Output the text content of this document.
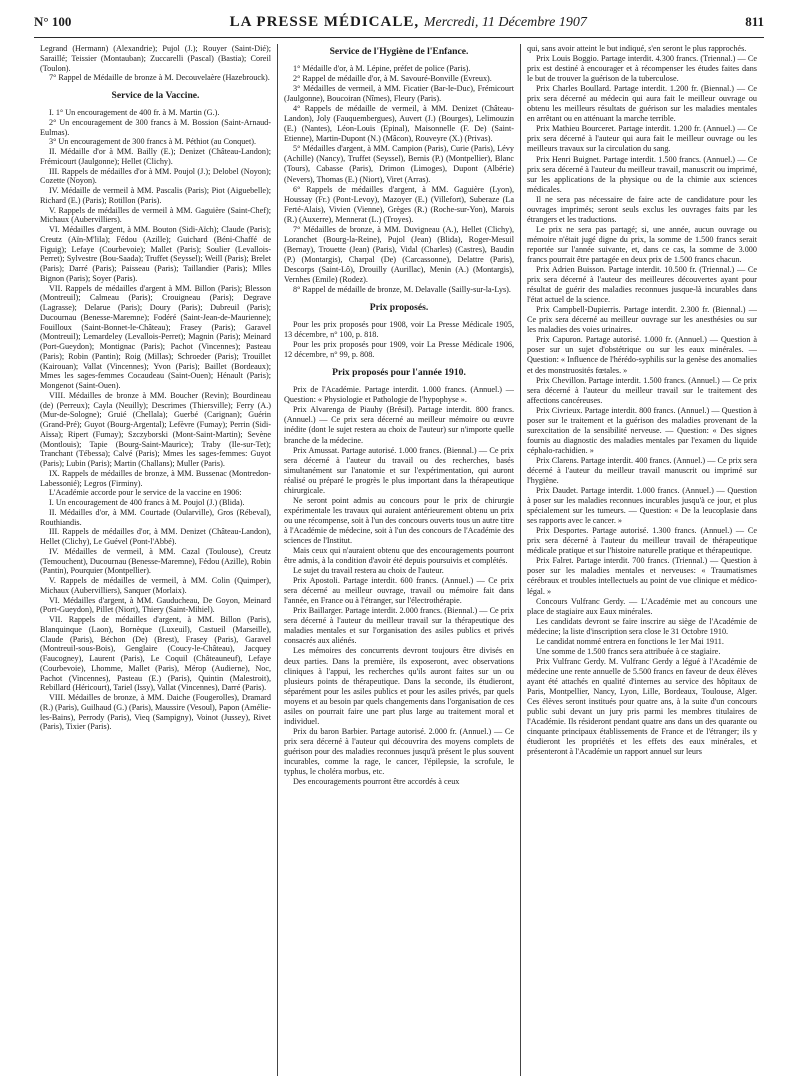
N° 100	LA PRESSE MÉDICALE, Mercredi, 11 Décembre 1907	811

Legrand (Hermann) (Alexandrie); Pujol (J.); Rouyer (Saint-Dié); Saraillé; Teissier (Montauban); Zuccarelli (Pascal) (Bastia); Coreil (Toulon).

7° Rappel de Médaille de bronze à M. Decouvelaère (Hazebrouck).

Service de la Vaccine.

I. 1° Un encouragement de 400 fr. à M. Martin (G.).

2° Un encouragement de 300 francs à M. Bossion (Saint-Arnaud-Eulmas).

3° Un encouragement de 300 francs à M. Péthiot (au Conquet).

II. Médaille d'or à MM. Bailly (E.); Denizet (Château-Landon); Frémicourt (Jaulgonne); Hellet (Clichy).

III. Rappels de médailles d'or à MM. Poujol (J.); Delobel (Noyon); Cozette (Noyon).

IV. Médaille de vermeil à MM. Pascalis (Paris); Piot (Aiguebelle); Richard (E.) (Paris); Rotillon (Paris).

V. Rappels de médailles de vermeil à MM. Gaguière (Saint-Chef); Michaux (Aubervilliers).

VI. Médailles d'argent, à MM. Bouton (Sidi-Aïch); Claude (Paris); Creutz (Aïn-M'lila); Fédou (Azille); Guichard (Béni-Chaffé de Figuig); Lefaye (Courbevoie); Mallet (Paris); Soulier (Levallois-Perret); Sylvestre (Bou-Saada); Truffet (Seyssel); Weill (Paris); Brelet (Paris); Darré (Paris); Paisseau (Paris); Taillandier (Paris); Mlles Bignon (Paris); Soyer (Paris).

VII. Rappels de médailles d'argent à MM. Billon (Paris); Blesson (Montreuil); Calmeau (Paris); Crouigneau (Paris); Degrave (Lagrasse); Delarue (Paris); Doury (Paris); Dubreuil (Paris); Ducournau (Benesse-Maremne); Fodéré (Saint-Jean-de-Maurienne); Fouilloux (Saint-Bonnet-le-Château); Frasey (Paris); Garavel (Montreuil); Lemardeley (Levallois-Perret); Magnin (Paris); Meinard (Port-Gueydon); Montignac (Paris); Pachot (Vincennes); Pasteau (Paris); Robin (Pantin); Roig (Millas); Schroeder (Paris); Trouillet (Kairouan); Vallat (Vincennes); Yvon (Paris); Baillet (Bordeaux); Mmes les sages-femmes Cocaudeau (Saint-Ouen); Hénault (Paris); Mongenot (Saint-Ouen).

VIII. Médailles de bronze à MM. Boucher (Revin); Bourdineau (de) (Perreux); Cayla (Neuilly); Descrimes (Thiersville); Ferry (A.) (Mur-de-Sologne); Gruié (Chellala); Guerbé (Carignan); Guérin (Grand-Pré); Guyot (Bourg-Argental); Lefèvre (Fumay); Perrin (Sidi-Aïssa); Ripert (Fumay); Szczyborski (Mont-Saint-Martin); Sevène (Montlouis); Tapie (Bourg-Saint-Maurice); Traby (Ile-sur-Tet); Tranchant (Tébessa); Calvé (Paris); Mmes les sages-femmes: Guyot (Paris); Lubin (Paris); Martin (Challans); Muller (Paris).

IX. Rappels de médailles de bronze, à MM. Bussenac (Montredon-Labessonié); Legros (Firminy).

L'Académie accorde pour le service de la vaccine en 1906:

I. Un encouragement de 400 francs à M. Poujol (J.) (Blida).

II. Médailles d'or, à MM. Courtade (Oularville), Gros (Rébeval), Routhiandis.

III. Rappels de médailles d'or, à MM. Denizet (Château-Landon), Hellet (Clichy), Le Guével (Pont-l'Abbé).

IV. Médailles de vermeil, à MM. Cazal (Toulouse), Creutz (Temouchent), Ducournau (Benesse-Maremne), Fédou (Azille), Robin (Pantin), Pourquier (Montpellier).

V. Rappels de médailles de vermeil, à MM. Colin (Quimper), Michaux (Aubervilliers), Sanquer (Morlaix).

VI. Médailles d'argent, à MM. Gauducheau, De Goyon, Meinard (Port-Gueydon), Pillet (Niort), Thiery (Saint-Mihiel).

VII. Rappels de médailles d'argent, à MM. Billon (Paris), Blanquinque (Laon), Bornèque (Luxeuil), Castueil (Marseille), Claude (Paris), Béchon (De) (Brest), Frasey (Paris), Garavel (Montreuil-sous-Bois), Genglaire (Coucy-le-Château), Jacquey (Faucogney), Laurent (Paris), Le Coquil (Châteauneuf), Lefaye (Courbevoie), Lhomme, Mallet (Paris), Mérop (Audierne), Noc, Pachot (Vincennes), Pasteau (E.) (Paris), Quintin (Malestroit), Rebillard (Héricourt), Tariel (Issy), Vallat (Vincennes), Darré (Paris).

VIII. Médailles de bronze, à MM. Daiche (Fougerolles), Dramard (R.) (Paris), Guilhaud (G.) (Paris), Maussire (Vesoul), Papon (Amélie-les-Bains), Perrody (Paris), Vieq (Sampigny), Voinot (Jussey), Rivet (Paris), Tixier (Paris).

Service de l'Hygiène de l'Enfance.

1° Médaille d'or, à M. Lépine, préfet de police (Paris).

2° Rappel de médaille d'or, à M. Savouré-Bonville (Evreux).

3° Médailles de vermeil, à MM. Ficatier (Bar-le-Duc), Frémicourt (Jaulgonne), Boucoiran (Nîmes), Fleury (Paris).

4° Rappels de médaille de vermeil, à MM. Denizet (Château-Landon), Joly (Fauquembergues), Auvert (J.) (Bourges), Lelimouzin (E.) (Nantes), Léon-Louis (Epinal), Maisonnelle (F. De) (Saint-Etienne), Martin-Dupont (N.) (Mâcon), Rouveyre (X.) (Privas).

5° Médailles d'argent, à MM. Campion (Paris), Curie (Paris), Lévy (Achille) (Nancy), Truffet (Seyssel), Bernis (P.) (Montpellier), Blanc (Tours), Cabasse (Paris), Drimon (Limoges), Dupont (Albérie) (Nevers), Thomas (E.) (Niort), Viret (Arras).

6° Rappels de médailles d'argent, à MM. Gaguière (Lyon), Houssay (Fr.) (Pont-Levoy), Mazoyer (E.) (Villefort), Suberaze (La Ferté-Alais), Vivien (Vienne), Grèges (R.) (Roche-sur-Yon), Marois (R.) (Auxerre), Mennerat (L.) (Troyes).

7° Médailles de bronze, à MM. Duvigneau (A.), Hellet (Clichy), Loranchet (Bourg-la-Reine), Pujol (Jean) (Blida), Roger-Mesuil (Bernay), Trouette (Jean) (Paris), Vidal (Charles) (Castres), Baudin (P.) (Montargis), Charpal (De) (Carcassonne), Delattre (Paris), Descorps (Saint-Lô), Drouilly (Aurillac), Menin (A.) (Montargis), Vernhes (Emile) (Rodez).

8° Rappel de médaille de bronze, M. Delavalle (Sailly-sur-la-Lys).

Prix proposés.

Pour les prix proposés pour 1908, voir La Presse Médicale 1905, 13 décembre, n° 100, p. 818.

Pour les prix proposés pour 1909, voir La Presse Médicale 1906, 12 décembre, n° 99, p. 808.

Prix proposés pour l'année 1910.

Prix de l'Académie. Partage interdit. 1.000 francs. (Annuel.) — Question: « Physiologie et Pathologie de l'hypophyse ».

Prix Alvarenga de Piauhy (Brésil). Partage interdit. 800 francs. (Annuel.) — Ce prix sera décerné au meilleur mémoire ou œuvre inédite (dont le sujet restera au choix de l'auteur) sur n'importe quelle branche de la médecine.

Prix Amussat. Partage autorisé. 1.000 francs. (Biennal.) — Ce prix sera décerné à l'auteur du travail ou des recherches, basés simultanément sur l'anatomie et sur l'expérimentation, qui auront réalisé ou préparé le progrès le plus important dans la thérapeutique chirurgicale.

Ne seront point admis au concours pour le prix de chirurgie expérimentale les travaux qui auraient antérieurement obtenu un prix ou une récompense, soit à l'un des concours ouverts tous un autre titre à l'Académie de médecine, soit à l'un des concours de l'Académie des sciences de l'Institut.

Mais ceux qui n'auraient obtenu que des encouragements pourront être admis, à la condition d'avoir été depuis poursuivis et complétés.

Le sujet du travail restera au choix de l'auteur.

Prix Apostoli. Partage interdit. 600 francs. (Annuel.) — Ce prix sera décerné au meilleur ouvrage, travail ou mémoire fait dans l'année, en France ou à l'étranger, sur l'électrothérapie.

Prix Baillarger. Partage interdit. 2.000 francs. (Biennal.) — Ce prix sera décerné à l'auteur du meilleur travail sur la thérapeutique des maladies mentales et sur l'organisation des asiles publics et privés consacrés aux aliénés.

Les mémoires des concurrents devront toujours être divisés en deux parties. Dans la première, ils exposeront, avec observations cliniques à l'appui, les recherches qu'ils auront faites sur un ou plusieurs points de thérapeutique. Dans la seconde, ils étudieront, séparément pour les asiles publics et pour les asiles privés, par quels moyens et au besoin par quels changements dans l'organisation de ces asiles on pourrait faire une part plus large au traitement moral et individuel.

Prix du baron Barbier. Partage autorisé. 2.000 fr. (Annuel.) — Ce prix sera décerné à l'auteur qui découvrira des moyens complets de guérison pour des maladies reconnues jusqu'à présent le plus souvent incurables, comme la rage, le cancer, l'épilepsie, la scrofule, le typhus, le choléra morbus, etc.

Des encouragements pourront être accordés à ceux

qui, sans avoir atteint le but indiqué, s'en seront le plus rapprochés.

Prix Louis Boggio. Partage interdit. 4.300 francs. (Triennal.) — Ce prix est destiné à encourager et à récompenser les études faites dans le but de trouver la guérison de la tuberculose.

Prix Charles Boullard. Partage interdit. 1.200 fr. (Biennal.) — Ce prix sera décerné au médecin qui aura fait le meilleur ouvrage ou obtenu les meilleurs résultats de guérison sur les maladies mentales en arrêtant ou en atténuant la marche terrible.

Prix Mathieu Bourceret. Partage interdit. 1.200 fr. (Annuel.) — Ce prix sera décerné à l'auteur qui aura fait le meilleur ouvrage ou les meilleurs travaux sur la circulation du sang.

Prix Henri Buignet. Partage interdit. 1.500 francs. (Annuel.) — Ce prix sera décerné à l'auteur du meilleur travail, manuscrit ou imprimé, sur les applications de la physique ou de la chimie aux sciences médicales.

Il ne sera pas nécessaire de faire acte de candidature pour les ouvrages imprimés; seront seuls exclus les ouvrages faits par les étrangers et les traductions.

Le prix ne sera pas partagé; si, une année, aucun ouvrage ou mémoire n'était jugé digne du prix, la somme de 1.500 francs serait reportée sur l'année suivante, et, dans ce cas, la somme de 3.000 francs pourrait être partagée en deux prix de 1.500 francs chacun.

Prix Adrien Buisson. Partage interdit. 10.500 fr. (Triennal.) — Ce prix sera décerné à l'auteur des meilleures découvertes ayant pour résultat de guérir des maladies reconnues jusque-là incurables dans l'état actuel de la science.

Prix Campbell-Dupierris. Partage interdit. 2.300 fr. (Biennal.) — Ce prix sera décerné au meilleur ouvrage sur les anesthésies ou sur les maladies des voies urinaires.

Prix Capuron. Partage autorisé. 1.000 fr. (Annuel.) — Question à poser sur un sujet d'obstétrique ou sur les eaux minérales. — Question: « Influence de l'hérédo-syphilis sur la genèse des anomalies et des monstruosités fœtales. »

Prix Chevillon. Partage interdit. 1.500 francs. (Annuel.) — Ce prix sera décerné à l'auteur du meilleur travail sur le traitement des affections cancéreuses.

Prix Civrieux. Partage interdit. 800 francs. (Annuel.) — Question à poser sur le traitement et la guérison des maladies provenant de la surexcitation de la sensibilité nerveuse. — Question: « Des signes fournis au diagnostic des maladies mentales par l'examen du liquide céphalo-rachidien. »

Prix Clarens. Partage interdit. 400 francs. (Annuel.) — Ce prix sera décerné à l'auteur du meilleur travail manuscrit ou imprimé sur l'hygiène.

Prix Daudet. Partage interdit. 1.000 francs. (Annuel.) — Question à poser sur les maladies reconnues incurables jusqu'à ce jour, et plus spécialement sur les tumeurs. — Question: « De la leucoplasie dans ses rapports avec le cancer. »

Prix Desportes. Partage autorisé. 1.300 francs. (Annuel.) — Ce prix sera décerné à l'auteur du meilleur travail de thérapeutique médicale pratique et sur l'histoire naturelle pratique et thérapeutique.

Prix Falret. Partage interdit. 700 francs. (Triennal.) — Question à poser sur les maladies mentales et nerveuses: « Traumatismes cérébraux et troubles intellectuels au point de vue clinique et médico-légal. »

Concours Vulfranc Gerdy. — L'Académie met au concours une place de stagiaire aux Eaux minérales.

Les candidats devront se faire inscrire au siège de l'Académie de médecine; la liste d'inscription sera close le 31 Octobre 1910.

Le candidat nommé entrera en fonctions le 1er Mai 1911.

Une somme de 1.500 francs sera attribuée à ce stagiaire.

Prix Vulfranc Gerdy. M. Vulfranc Gerdy a légué à l'Académie de médecine une rente annuelle de 5.500 francs en faveur de deux élèves ayant été attachés en qualité d'internes au service des hôpitaux de Paris, Montpellier, Nancy, Lyon, Lille, Bordeaux, Toulouse, Alger. Ces élèves seront institués pour quatre ans, à la suite d'un concours public subi devant un jury pris parmi les membres titulaires de l'Académie. Ils résideront pendant quatre ans dans un des quarante ou cinquante principaux établissements de France et de l'étranger; ils y étudieront les propriétés et les effets des eaux minérales, et présenteront à l'Académie un rapport annuel sur leurs
